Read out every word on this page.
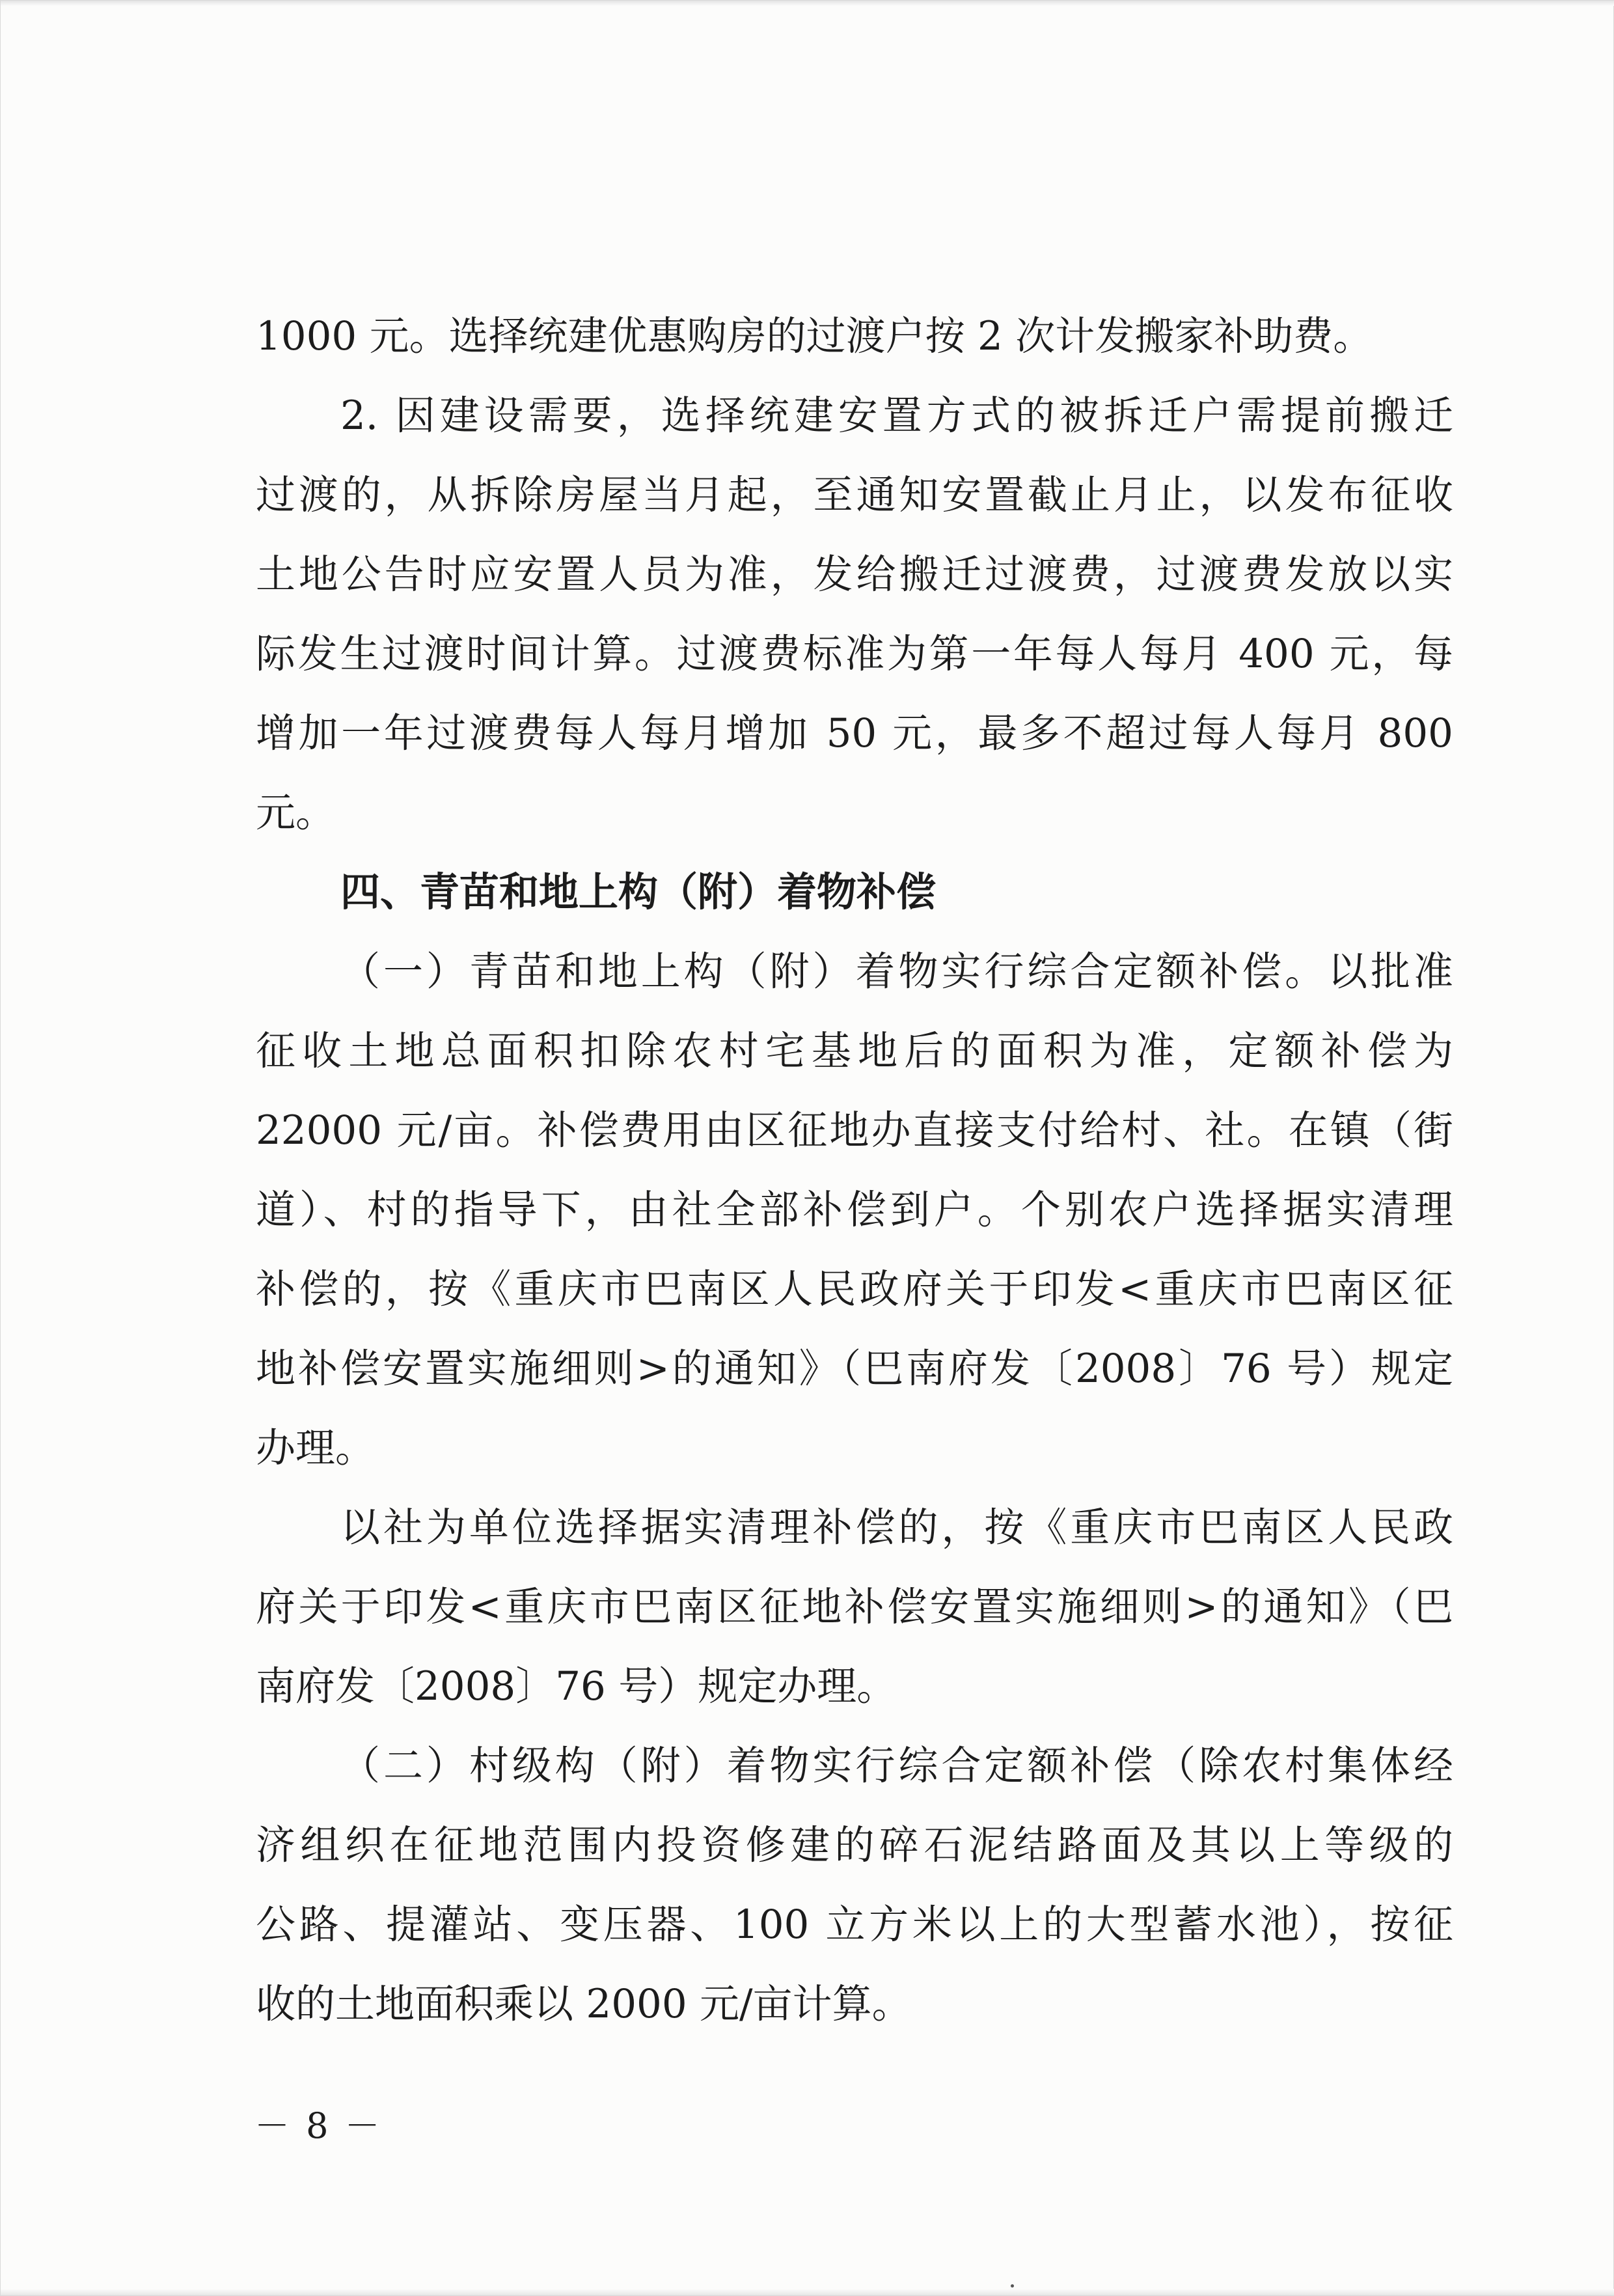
1000 元。选择统建优惠购房的过渡户按 2 次计发搬家补助费。
2. 因建设需要，选择统建安置方式的被拆迁户需提前搬迁
过渡的，从拆除房屋当月起，至通知安置截止月止，以发布征收
土地公告时应安置人员为准，发给搬迁过渡费，过渡费发放以实
际发生过渡时间计算。过渡费标准为第一年每人每月 400 元，每
增加一年过渡费每人每月增加 50 元，最多不超过每人每月 800
元。
四、青苗和地上构（附）着物补偿
（一）青苗和地上构（附）着物实行综合定额补偿。以批准
征收土地总面积扣除农村宅基地后的面积为准，定额补偿为
22000 元/亩。补偿费用由区征地办直接支付给村、社。在镇（街
道）、村的指导下，由社全部补偿到户。个别农户选择据实清理
补偿的，按《重庆市巴南区人民政府关于印发<重庆市巴南区征
地补偿安置实施细则>的通知》（巴南府发〔2008〕76 号）规定
办理。
以社为单位选择据实清理补偿的，按《重庆市巴南区人民政
府关于印发<重庆市巴南区征地补偿安置实施细则>的通知》（巴
南府发〔2008〕76 号）规定办理。
（二）村级构（附）着物实行综合定额补偿（除农村集体经
济组织在征地范围内投资修建的碎石泥结路面及其以上等级的
公路、提灌站、变压器、100 立方米以上的大型蓄水池），按征
收的土地面积乘以 2000 元/亩计算。
－ 8 －
